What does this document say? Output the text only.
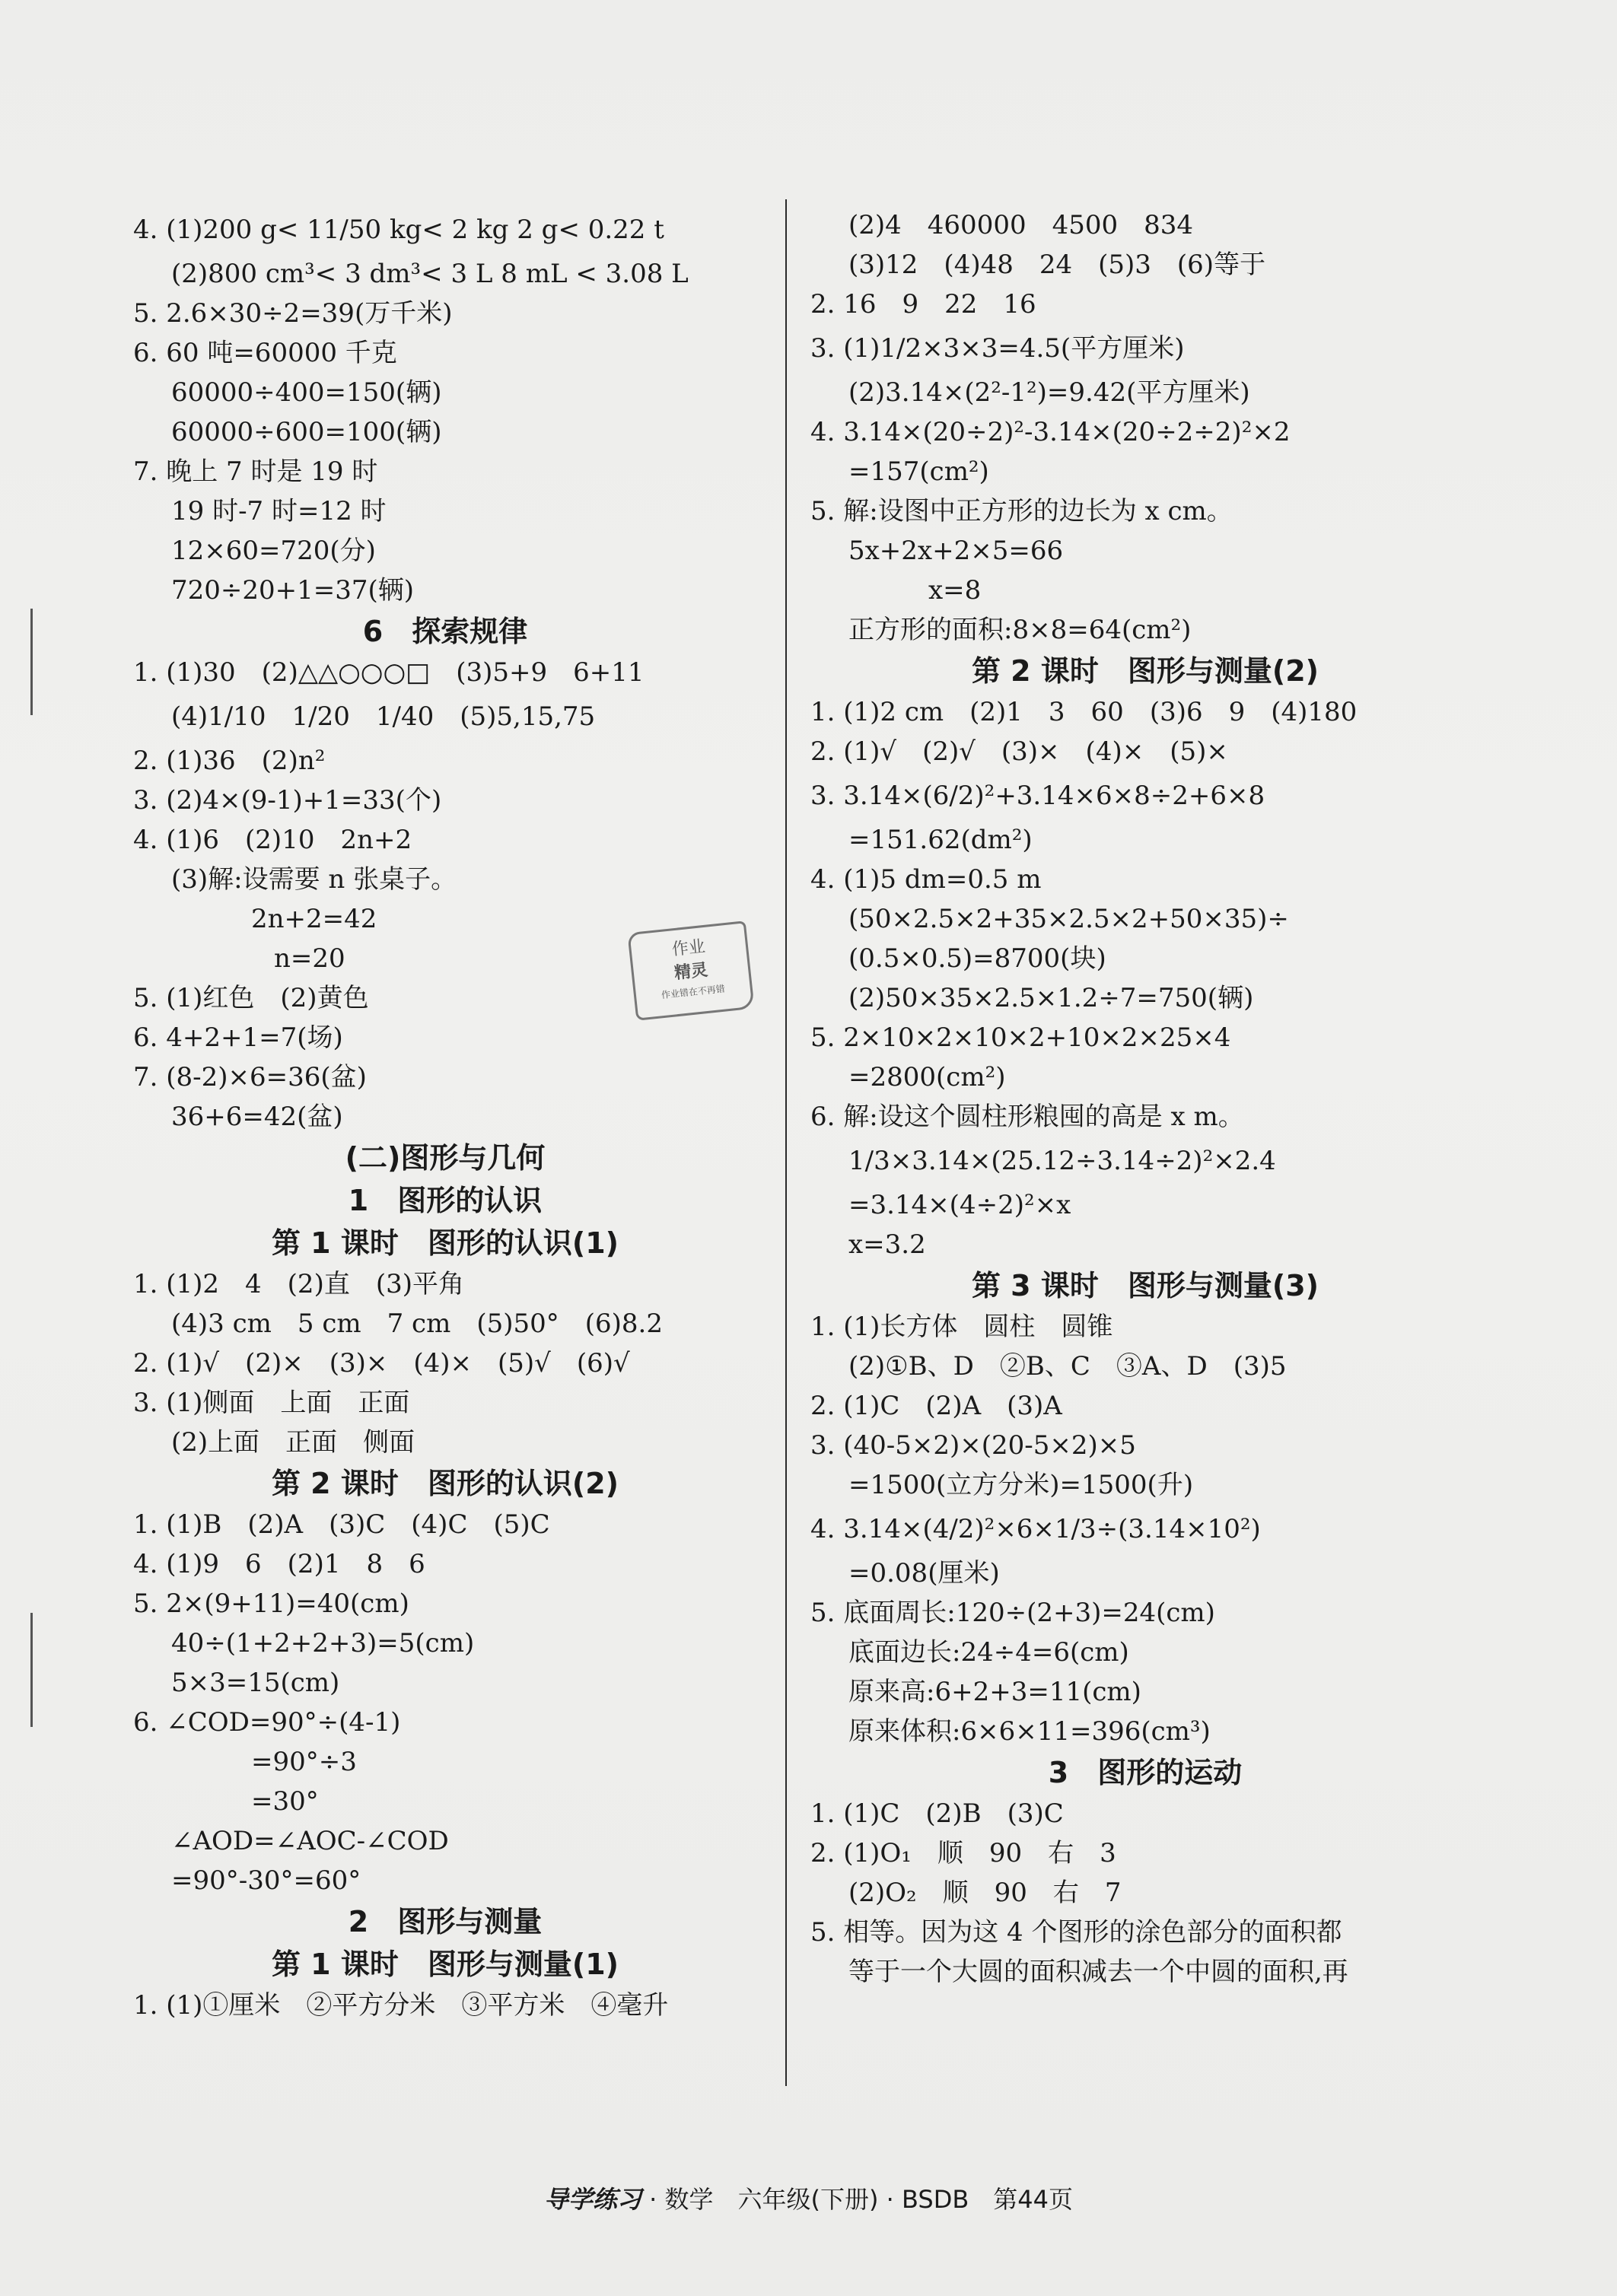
4. (1)200 g< 11/50 kg< 2 kg 2 g< 0.22 t
(2)800 cm³< 3 dm³< 3 L 8 mL < 3.08 L
5. 2.6×30÷2=39(万千米)
6. 60 吨=60000 千克
60000÷400=150(辆)
60000÷600=100(辆)
7. 晚上 7 时是 19 时
19 时-7 时=12 时
12×60=720(分)
720÷20+1=37(辆)
6　探索规律
1. (1)30　(2)△△○○○□　(3)5+9　6+11
(4)1/10　1/20　1/40　(5)5,15,75
2. (1)36　(2)n²
3. (2)4×(9-1)+1=33(个)
4. (1)6　(2)10　2n+2
(3)解:设需要 n 张桌子。
2n+2=42
n=20
5. (1)红色　(2)黄色
6. 4+2+1=7(场)
7. (8-2)×6=36(盆)
36+6=42(盆)
(二)图形与几何
1　图形的认识
第 1 课时　图形的认识(1)
1. (1)2　4　(2)直　(3)平角
(4)3 cm　5 cm　7 cm　(5)50°　(6)8.2
2. (1)√　(2)×　(3)×　(4)×　(5)√　(6)√
3. (1)侧面　上面　正面
(2)上面　正面　侧面
第 2 课时　图形的认识(2)
1. (1)B　(2)A　(3)C　(4)C　(5)C
4. (1)9　6　(2)1　8　6
5. 2×(9+11)=40(cm)
40÷(1+2+2+3)=5(cm)
5×3=15(cm)
6. ∠COD=90°÷(4-1)
=90°÷3
=30°
∠AOD=∠AOC-∠COD
=90°-30°=60°
2　图形与测量
第 1 课时　图形与测量(1)
1. (1)①厘米　②平方分米　③平方米　④毫升
(2)4　460000　4500　834
(3)12　(4)48　24　(5)3　(6)等于
2. 16　9　22　16
3. (1)1/2×3×3=4.5(平方厘米)
(2)3.14×(2²-1²)=9.42(平方厘米)
4. 3.14×(20÷2)²-3.14×(20÷2÷2)²×2
=157(cm²)
5. 解:设图中正方形的边长为 x cm。
5x+2x+2×5=66
x=8
正方形的面积:8×8=64(cm²)
第 2 课时　图形与测量(2)
1. (1)2 cm　(2)1　3　60　(3)6　9　(4)180
2. (1)√　(2)√　(3)×　(4)×　(5)×
3. 3.14×(6/2)²+3.14×6×8÷2+6×8
=151.62(dm²)
4. (1)5 dm=0.5 m
(50×2.5×2+35×2.5×2+50×35)÷
(0.5×0.5)=8700(块)
(2)50×35×2.5×1.2÷7=750(辆)
5. 2×10×2×10×2+10×2×25×4
=2800(cm²)
6. 解:设这个圆柱形粮囤的高是 x m。
1/3×3.14×(25.12÷3.14÷2)²×2.4
=3.14×(4÷2)²×x
x=3.2
第 3 课时　图形与测量(3)
1. (1)长方体　圆柱　圆锥
(2)①B、D　②B、C　③A、D　(3)5
2. (1)C　(2)A　(3)A
3. (40-5×2)×(20-5×2)×5
=1500(立方分米)=1500(升)
4. 3.14×(4/2)²×6×1/3÷(3.14×10²)
=0.08(厘米)
5. 底面周长:120÷(2+3)=24(cm)
底面边长:24÷4=6(cm)
原来高:6+2+3=11(cm)
原来体积:6×6×11=396(cm³)
3　图形的运动
1. (1)C　(2)B　(3)C
2. (1)O₁　顺　90　右　3
(2)O₂　顺　90　右　7
5. 相等。因为这 4 个图形的涂色部分的面积都
等于一个大圆的面积减去一个中圆的面积,再
作业
精灵
作业错在不再错
导学练习 · 数学　六年级(下册) · BSDB　第44页
